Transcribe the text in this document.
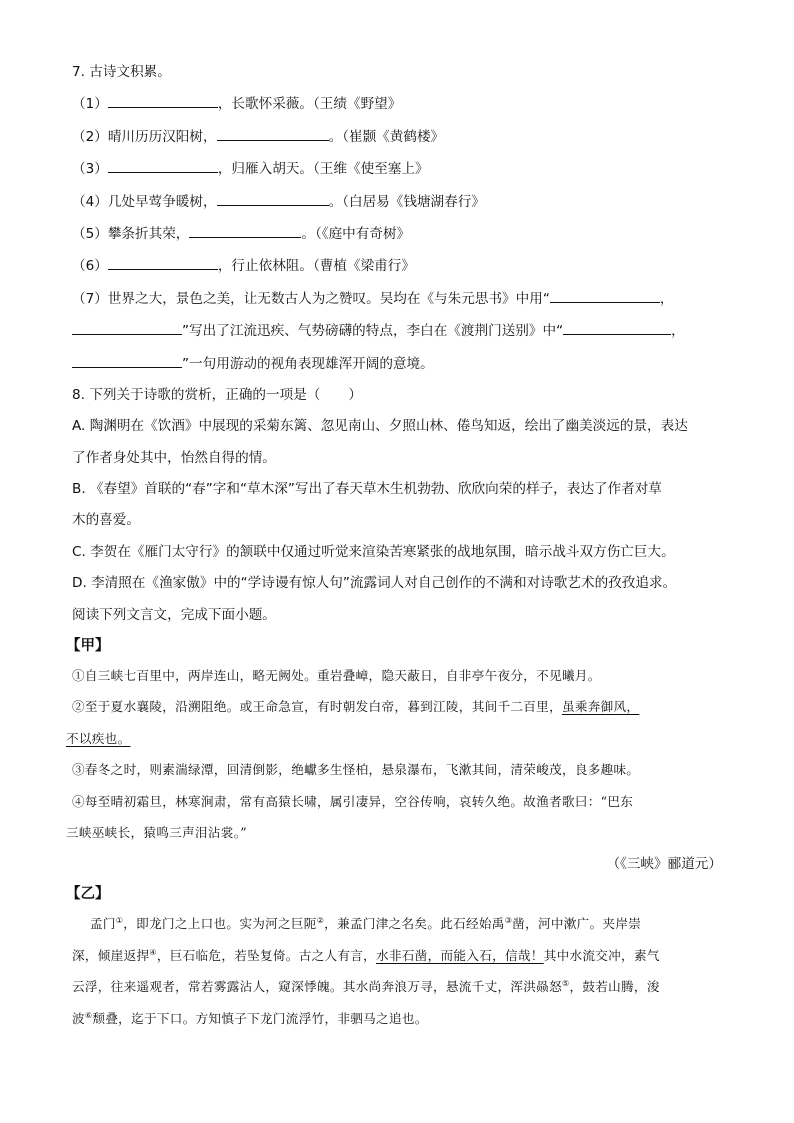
7. 古诗文积累。
（1）	，长歌怀采薇。（王绩《野望》
（2）晴川历历汉阳树，	。（崔颢《黄鹤楼》
（3）	，归雁入胡天。（王维《使至塞上》
（4）几处早莺争暖树，	。（白居易《钱塘湖春行》
（5）攀条折其荣，	。（《庭中有奇树》
（6）	，行止依林阻。（曹植《梁甫行》
（7）世界之大，景色之美，让无数古人为之赞叹。吴均在《与朱元思书》中用“	，
”写出了江流迅疾、气势磅礴的特点，李白在《渡荆门送别》中“	，
”一句用游动的视角表现雄浑开阔的意境。
8. 下列关于诗歌的赏析，正确的一项是（ ）
A. 陶渊明在《饮酒》中展现的采菊东篱、忽见南山、夕照山林、倦鸟知返，绘出了幽美淡远的景，表达
了作者身处其中，怡然自得的情。
B. 《春望》首联的“春”字和“草木深”写出了春天草木生机勃勃、欣欣向荣的样子，表达了作者对草
木的喜爱。
C. 李贺在《雁门太守行》的颔联中仅通过听觉来渲染苦寒紧张的战地氛围，暗示战斗双方伤亡巨大。
D. 李清照在《渔家傲》中的“学诗谩有惊人句”流露词人对自己创作的不满和对诗歌艺术的孜孜追求。
阅读下列文言文，完成下面小题。
【甲】
①自三峡七百里中，两岸连山，略无阙处。重岩叠嶂，隐天蔽日，自非亭午夜分，不见曦月。
②至于夏水襄陵，沿溯阻绝。或王命急宣，有时朝发白帝，暮到江陵，其间千二百里，虽乘奔御风，
不以疾也。
③春冬之时，则素湍绿潭，回清倒影，绝巘多生怪柏，悬泉瀑布，飞漱其间，清荣峻茂，良多趣味。
④每至晴初霜旦，林寒涧肃，常有高猿长啸，属引凄异，空谷传响，哀转久绝。故渔者歌曰：“巴东
三峡巫峡长，猿鸣三声泪沾裳。”
（《三峡》郦道元）
【乙】
孟门①，即龙门之上口也。实为河之巨阨②，兼孟门津之名矣。此石经始禹③凿，河中漱广。夹岸崇
深，倾崖返捍④，巨石临危，若坠复倚。古之人有言，水非石凿，而能入石，信哉！其中水流交冲，素气
云浮，往来遥观者，常若雾露沾人，窥深悸魄。其水尚奔浪万寻，悬流千丈，浑洪赑怒⑤，鼓若山腾，浚
波⑥颓叠，迄于下口。方知慎子下龙门流浮竹，非驷马之追也。
